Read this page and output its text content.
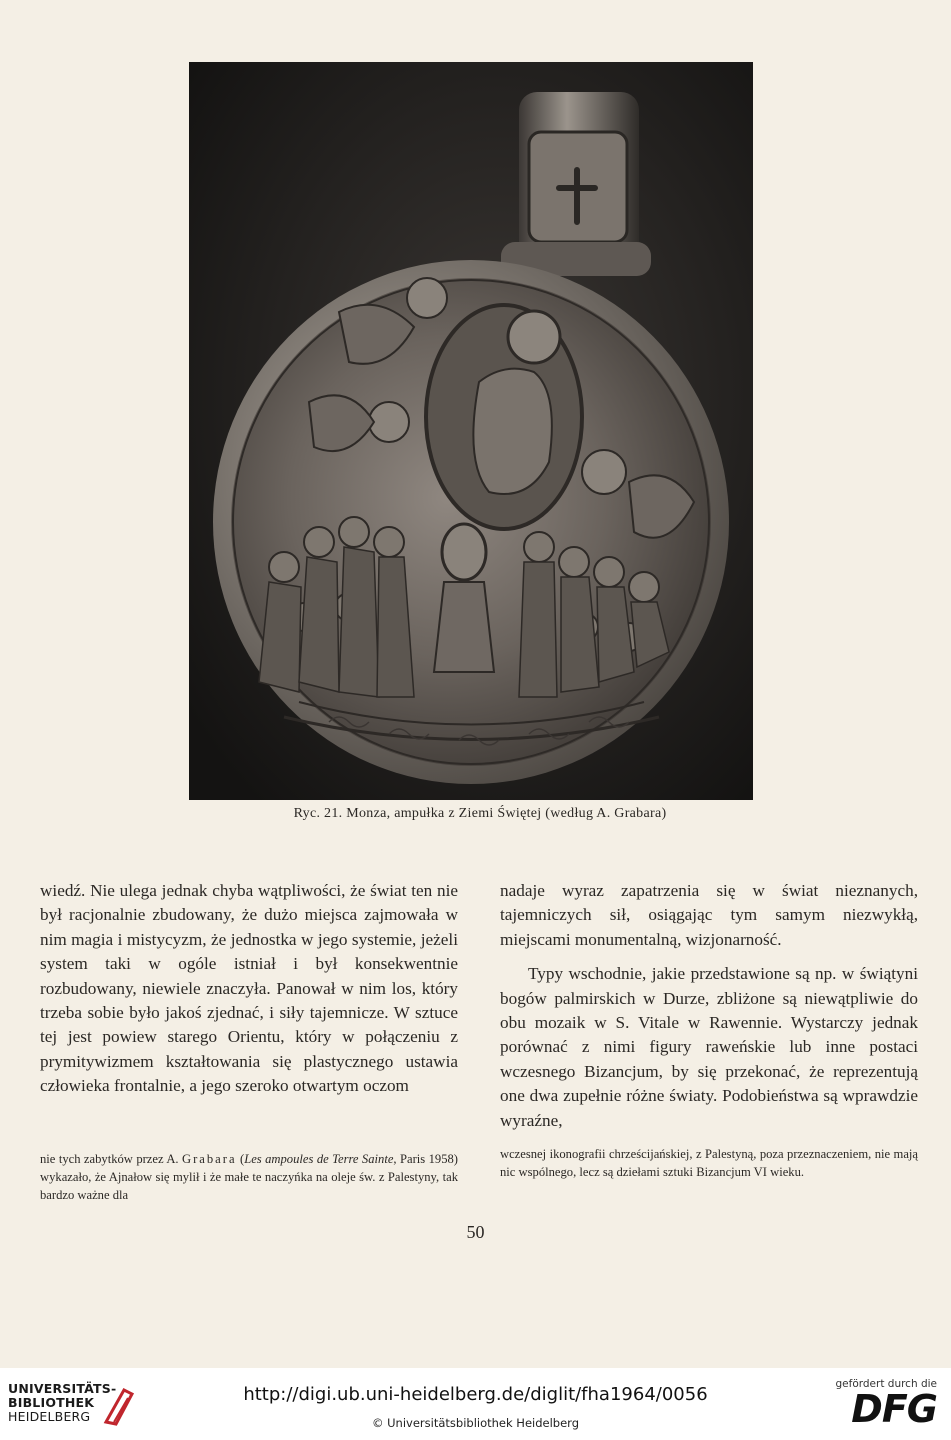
Ryc. 21. Monza, ampułka z Ziemi Świętej (według A. Grabara)

wiedź. Nie ulega jednak chyba wątpliwości, że świat ten nie był racjonalnie zbudowany, że dużo miejsca zajmowała w nim magia i mistycyzm, że jednostka w jego systemie, jeżeli system taki w ogóle istniał i był konsekwentnie rozbudowany, niewiele znaczyła. Panował w nim los, który trzeba sobie było jakoś zjednać, i siły tajemnicze. W sztuce tej jest powiew starego Orientu, który w połączeniu z prymitywizmem kształtowania się plastycznego ustawia człowieka frontalnie, a jego szeroko otwartym oczom

nadaje wyraz zapatrzenia się w świat nieznanych, tajemniczych sił, osiągając tym samym niezwykłą, miejscami monumentalną, wizjonarność.

Typy wschodnie, jakie przedstawione są np. w świątyni bogów palmirskich w Durze, zbliżone są niewątpliwie do obu mozaik w S. Vitale w Rawennie. Wystarczy jednak porównać z nimi figury raweńskie lub inne postaci wczesnego Bizancjum, by się przekonać, że reprezentują one dwa zupełnie różne światy. Podobieństwa są wprawdzie wyraźne,

nie tych zabytków przez A. Grabara (Les ampoules de Terre Sainte, Paris 1958) wykazało, że Ajnałow się mylił i że małe te naczyńka na oleje św. z Palestyny, tak bardzo ważne dla
wczesnej ikonografii chrześcijańskiej, z Palestyną, poza przeznaczeniem, nie mają nic wspólnego, lecz są dziełami sztuki Bizancjum VI wieku.
50
UNIVERSITÄTS-
BIBLIOTHEK
HEIDELBERG
http://digi.ub.uni-heidelberg.de/diglit/fha1964/0056
© Universitätsbibliothek Heidelberg
gefördert durch die
DFG
